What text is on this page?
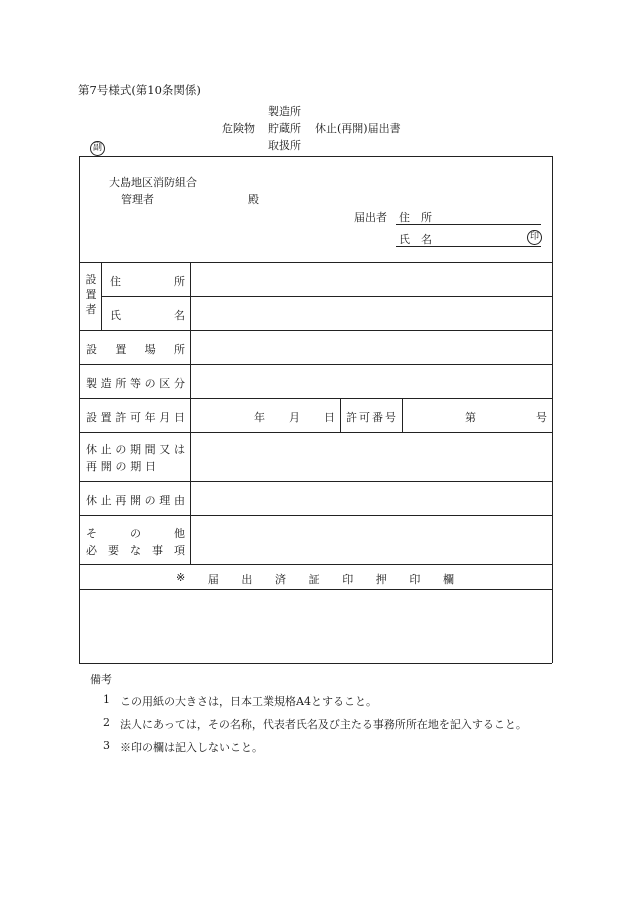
第7号様式(第10条関係)
危険物
製造所
貯蔵所
取扱所
休止(再開)届出書
副
大島地区消防組合
管理者	殿
届出者 住　所
氏　名	印
設
置
者
住	所
氏	名
設 置 場 所
製 造 所 等 の 区 分
設 置 許 可 年 月 日	年 月 日 許 可 番 号	第	号
休 止 の 期 間 又 は
再 開 の 期 日
休 止 再 開 の 理 由
そ	の	他
必 要 な 事 項
※ 届 出 済 証 印 押 印 欄
備考
1 この用紙の大きさは，日本工業規格A4とすること。
2 法人にあっては，その名称，代表者氏名及び主たる事務所所在地を記入すること。
3 ※印の欄は記入しないこと。
